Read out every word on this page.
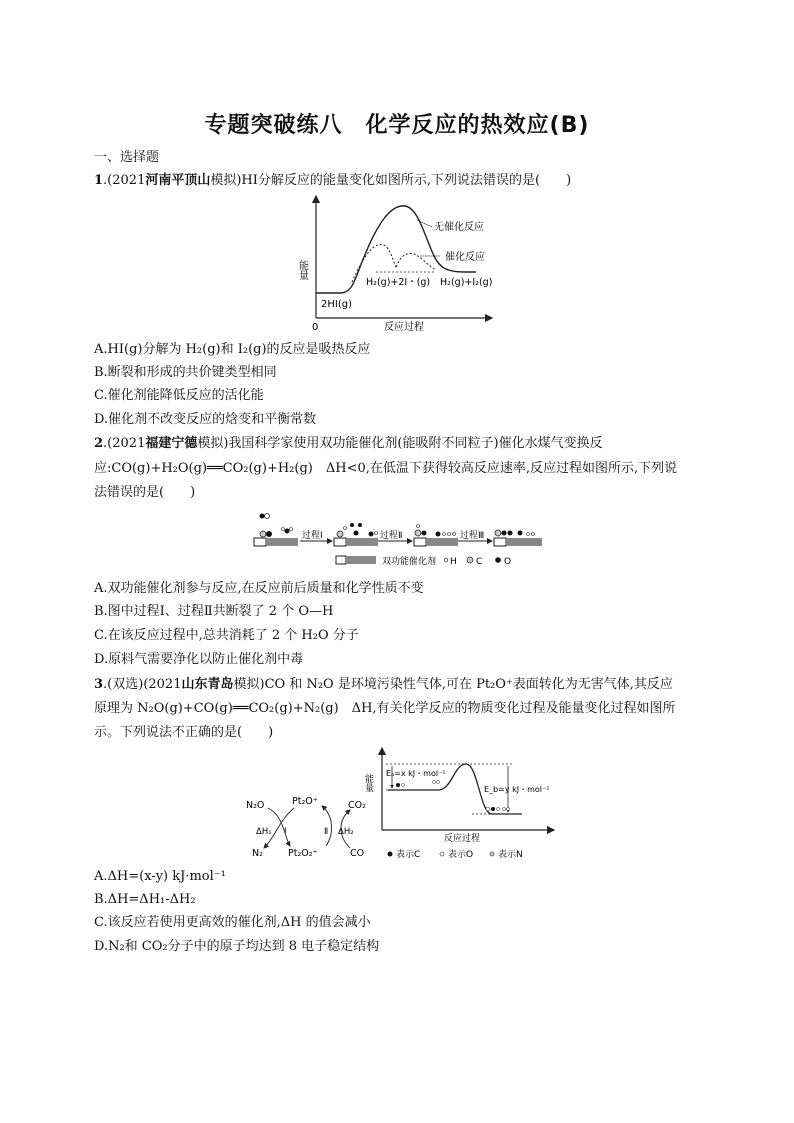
专题突破练八　化学反应的热效应(B)
一、选择题
1.(2021河南平顶山模拟)HI分解反应的能量变化如图所示,下列说法错误的是(　　)
能量
0	反应过程
无催化反应
催化反应
H₂(g)+2I・(g) H₂(g)+I₂(g)
2HI(g)
A.HI(g)分解为 H₂(g)和 I₂(g)的反应是吸热反应
B.断裂和形成的共价键类型相同
C.催化剂能降低反应的活化能
D.催化剂不改变反应的焓变和平衡常数
2.(2021福建宁德模拟)我国科学家使用双功能催化剂(能吸附不同粒子)催化水煤气变换反
应:CO(g)+H₂O(g)══CO₂(g)+H₂(g)　ΔH<0,在低温下获得较高反应速率,反应过程如图所示,下列说
法错误的是(　　)
过程Ⅰ	过程Ⅱ	过程Ⅲ
双功能催化剂 H C O
A.双功能催化剂参与反应,在反应前后质量和化学性质不变
B.图中过程Ⅰ、过程Ⅱ共断裂了 2 个 O—H
C.在该反应过程中,总共消耗了 2 个 H₂O 分子
D.原料气需要净化以防止催化剂中毒
3.(双选)(2021山东青岛模拟)CO 和 N₂O 是环境污染性气体,可在 Pt₂O⁺表面转化为无害气体,其反应
原理为 N₂O(g)+CO(g)══CO₂(g)+N₂(g)　ΔH,有关化学反应的物质变化过程及能量变化过程如图所
示。下列说法不正确的是(　　)
N₂O	Pt₂O⁺	CO₂
N₂	Pt₂O₂⁺	CO
ΔH₁ Ⅰ	Ⅱ ΔH₂
能量
反应过程
Eₐ=x kJ・mol⁻¹
E_b=y kJ・mol⁻¹
表示C	表示O	表示N
A.ΔH=(x-y) kJ·mol⁻¹
B.ΔH=ΔH₁-ΔH₂
C.该反应若使用更高效的催化剂,ΔH 的值会减小
D.N₂和 CO₂分子中的原子均达到 8 电子稳定结构
